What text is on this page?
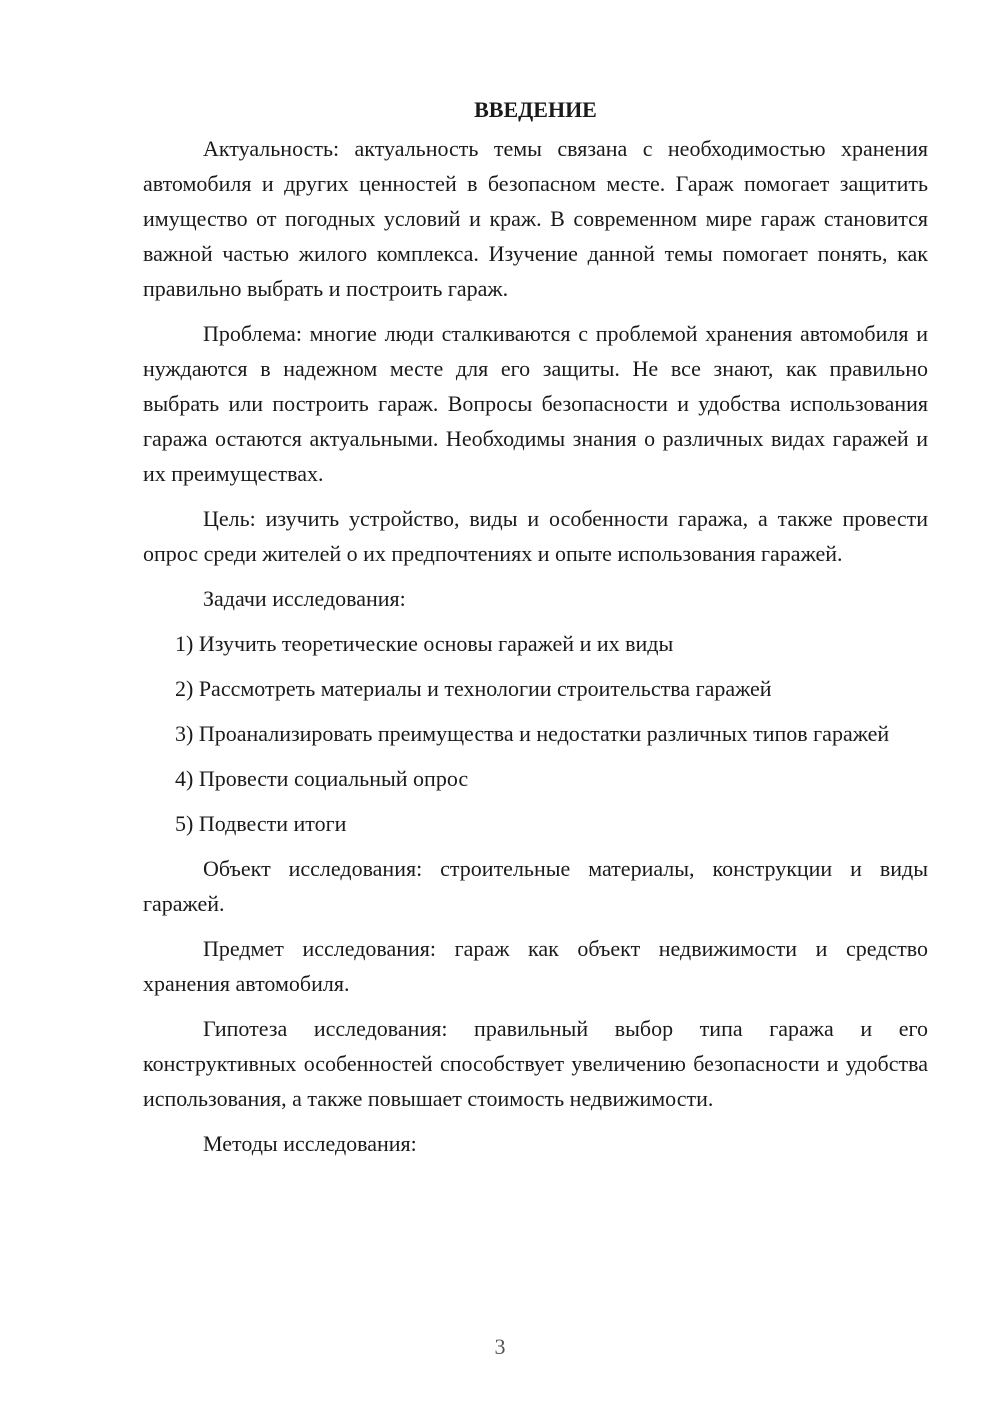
ВВЕДЕНИЕ

Актуальность: актуальность темы связана с необходимостью хранения автомобиля и других ценностей в безопасном месте. Гараж помогает защитить имущество от погодных условий и краж. В современном мире гараж становится важной частью жилого комплекса. Изучение данной темы помогает понять, как правильно выбрать и построить гараж.

Проблема: многие люди сталкиваются с проблемой хранения автомобиля и нуждаются в надежном месте для его защиты. Не все знают, как правильно выбрать или построить гараж. Вопросы безопасности и удобства использования гаража остаются актуальными. Необходимы знания о различных видах гаражей и их преимуществах.

Цель: изучить устройство, виды и особенности гаража, а также провести опрос среди жителей о их предпочтениях и опыте использования гаражей.

Задачи исследования:

1) Изучить теоретические основы гаражей и их виды

2) Рассмотреть материалы и технологии строительства гаражей

3) Проанализировать преимущества и недостатки различных типов гаражей

4) Провести социальный опрос

5) Подвести итоги

Объект исследования: строительные материалы, конструкции и виды гаражей.

Предмет исследования: гараж как объект недвижимости и средство хранения автомобиля.

Гипотеза исследования: правильный выбор типа гаража и его конструктивных особенностей способствует увеличению безопасности и удобства использования, а также повышает стоимость недвижимости.

Методы исследования:

3
